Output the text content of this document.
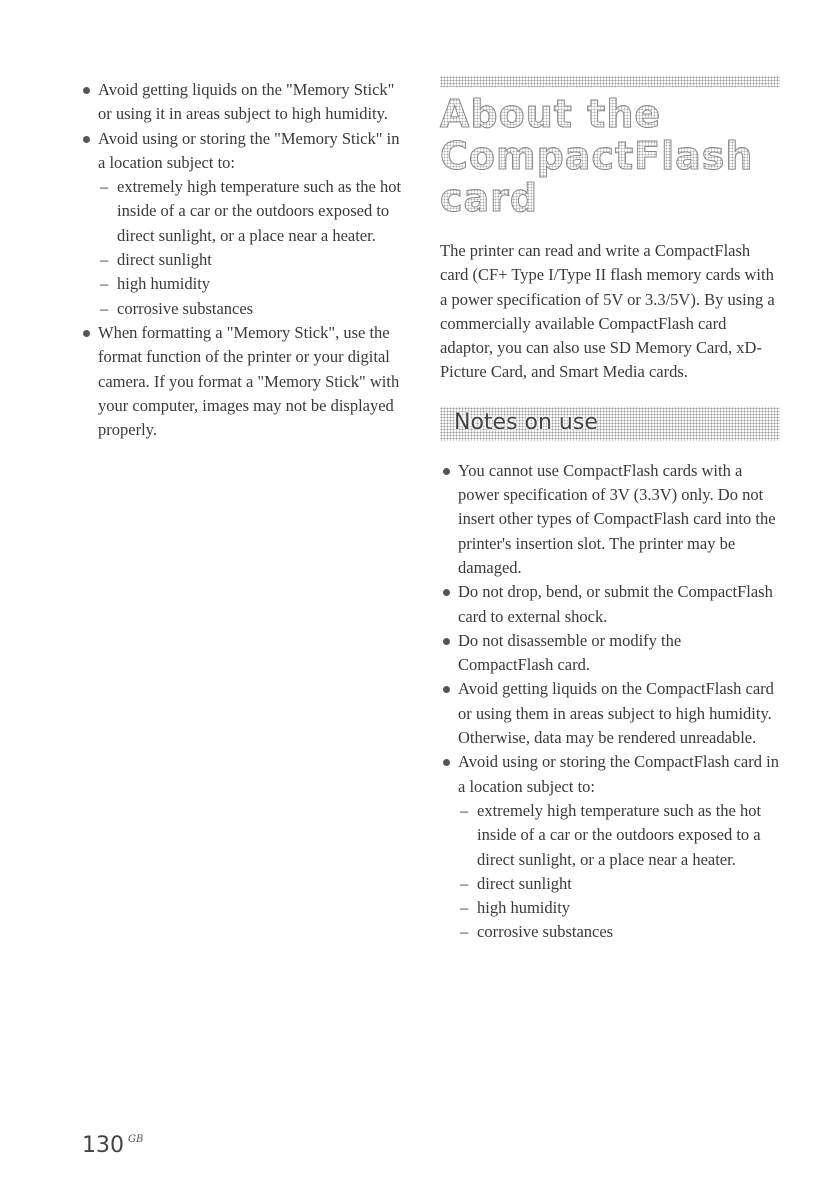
Avoid getting liquids on the "Memory Stick" or using it in areas subject to high humidity.
Avoid using or storing the "Memory Stick" in a location subject to:
– extremely high temperature such as the hot inside of a car or the outdoors exposed to direct sunlight, or a place near a heater.
– direct sunlight
– high humidity
– corrosive substances
When formatting a "Memory Stick", use the format function of the printer or your digital camera. If you format a "Memory Stick" with your computer, images may not be displayed properly.
About the
CompactFlash card

The printer can read and write a CompactFlash card (CF+ Type I/Type II flash memory cards with a power specification of 5V or 3.3/5V). By using a commercially available CompactFlash card adaptor, you can also use SD Memory Card, xD-Picture Card, and Smart Media cards.

Notes on use
You cannot use CompactFlash cards with a power specification of 3V (3.3V) only. Do not insert other types of CompactFlash card into the printer's insertion slot. The printer may be damaged.
Do not drop, bend, or submit the CompactFlash card to external shock.
Do not disassemble or modify the CompactFlash card.
Avoid getting liquids on the CompactFlash card or using them in areas subject to high humidity. Otherwise, data may be rendered unreadable.
Avoid using or storing the CompactFlash card in a location subject to:
– extremely high temperature such as the hot inside of a car or the outdoors exposed to a direct sunlight, or a place near a heater.
– direct sunlight
– high humidity
– corrosive substances
130 $^{GB}$
